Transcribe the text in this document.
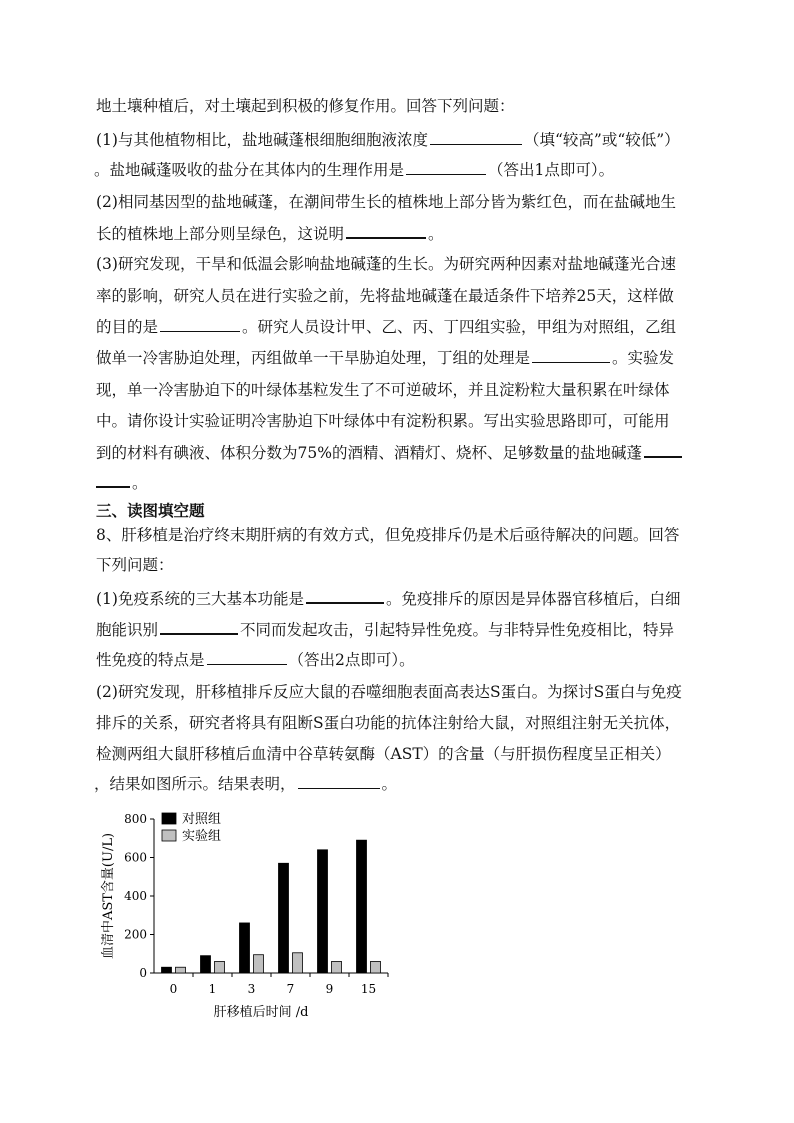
地土壤种植后，对土壤起到积极的修复作用。回答下列问题：
(1)与其他植物相比，盐地碱蓬根细胞细胞液浓度	（填“较高”或“较低”）
。盐地碱蓬吸收的盐分在其体内的生理作用是	（答出1点即可）。
(2)相同基因型的盐地碱蓬，在潮间带生长的植株地上部分皆为紫红色，而在盐碱地生
长的植株地上部分则呈绿色，这说明	。
(3)研究发现，干旱和低温会影响盐地碱蓬的生长。为研究两种因素对盐地碱蓬光合速
率的影响，研究人员在进行实验之前，先将盐地碱蓬在最适条件下培养25天，这样做
的目的是	。研究人员设计甲、乙、丙、丁四组实验，甲组为对照组，乙组
做单一冷害胁迫处理，丙组做单一干旱胁迫处理，丁组的处理是	。实验发
现，单一冷害胁迫下的叶绿体基粒发生了不可逆破坏，并且淀粉粒大量积累在叶绿体
中。请你设计实验证明冷害胁迫下叶绿体中有淀粉积累。写出实验思路即可，可能用
到的材料有碘液、体积分数为75%的酒精、酒精灯、烧杯、足够数量的盐地碱蓬
。
三、读图填空题
8、肝移植是治疗终末期肝病的有效方式，但免疫排斥仍是术后亟待解决的问题。回答
下列问题：
(1)免疫系统的三大基本功能是	。免疫排斥的原因是异体器官移植后，白细
胞能识别	不同而发起攻击，引起特异性免疫。与非特异性免疫相比，特异
性免疫的特点是	（答出2点即可）。
(2)研究发现，肝移植排斥反应大鼠的吞噬细胞表面高表达S蛋白。为探讨S蛋白与免疫
排斥的关系，研究者将具有阻断S蛋白功能的抗体注射给大鼠，对照组注射无关抗体，
检测两组大鼠肝移植后血清中谷草转氨酶（AST）的含量（与肝损伤程度呈正相关）
，结果如图所示。结果表明，	。
0
200
400
600
800
血清中AST含量(U/L)
0	1	3	7	9 15
肝移植后时间 /d
对照组
实验组
